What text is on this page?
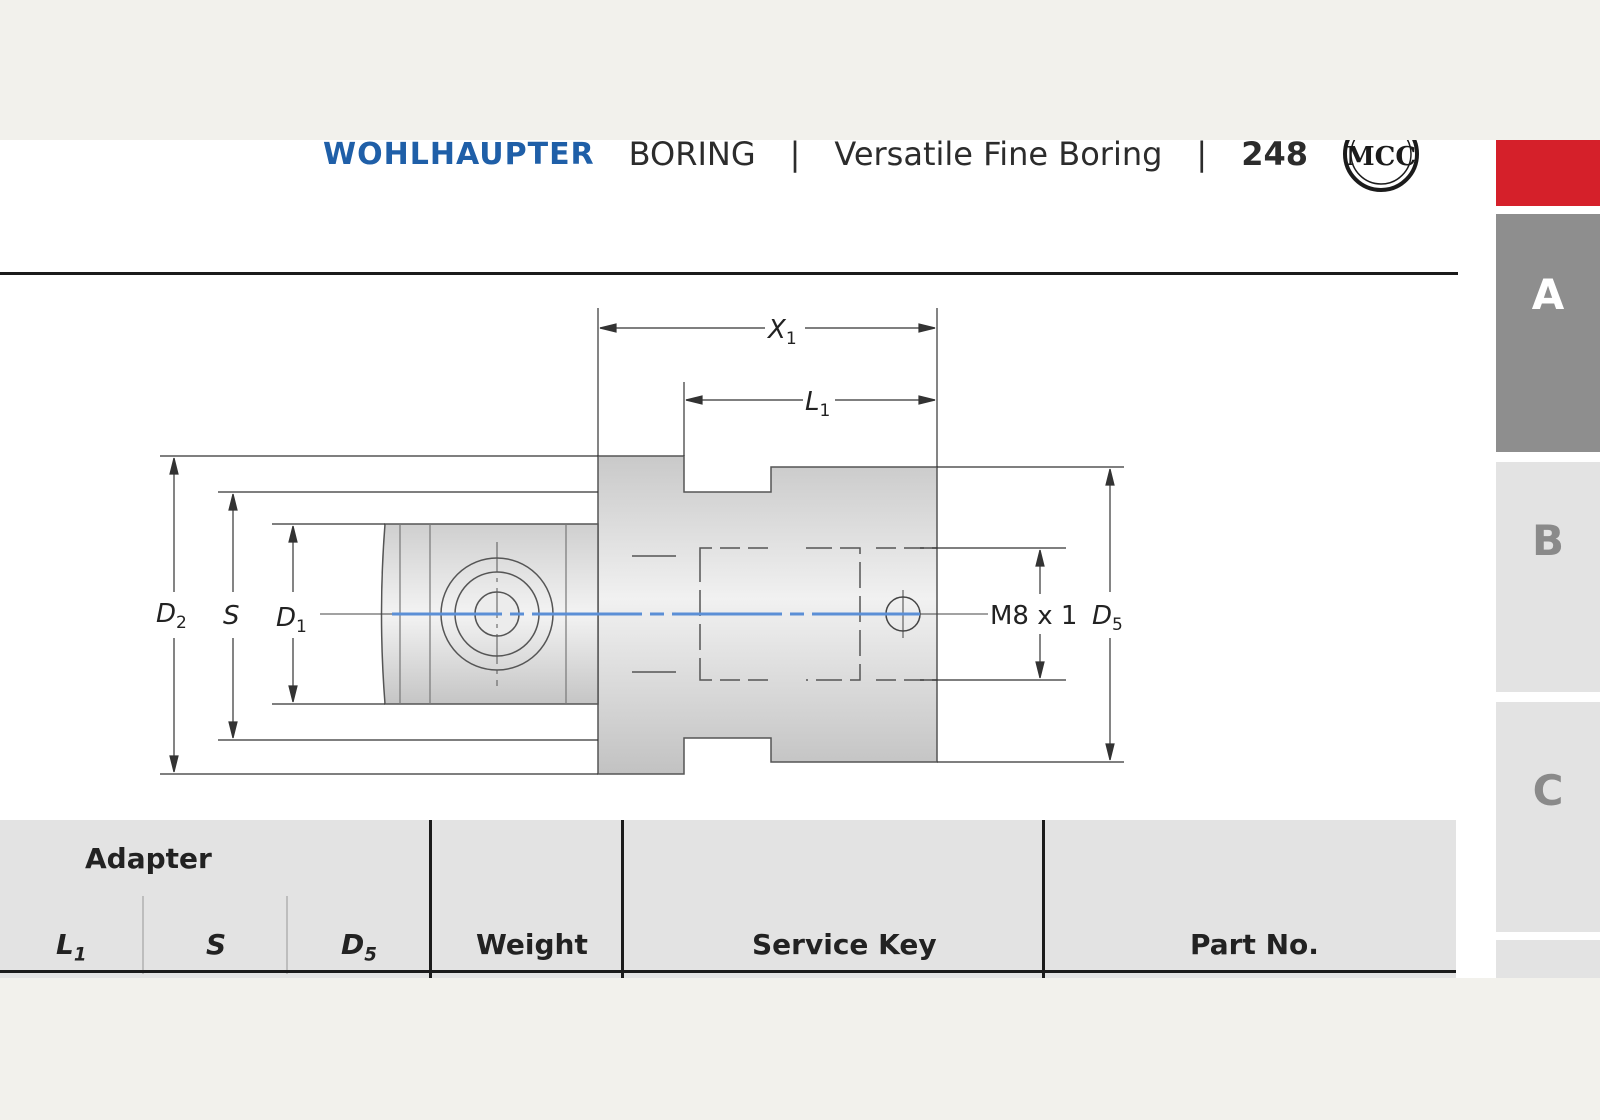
WOHLHAUPTER BORING | Versatile Fine Boring | 248 MCC
$X_1$
$L_1$
$D_2$ S $D_1$	M8 x 1 $D_5$
Adapter
$L_1$	S	$D_5$	Weight	Service Key	Part No.
A
B
C
